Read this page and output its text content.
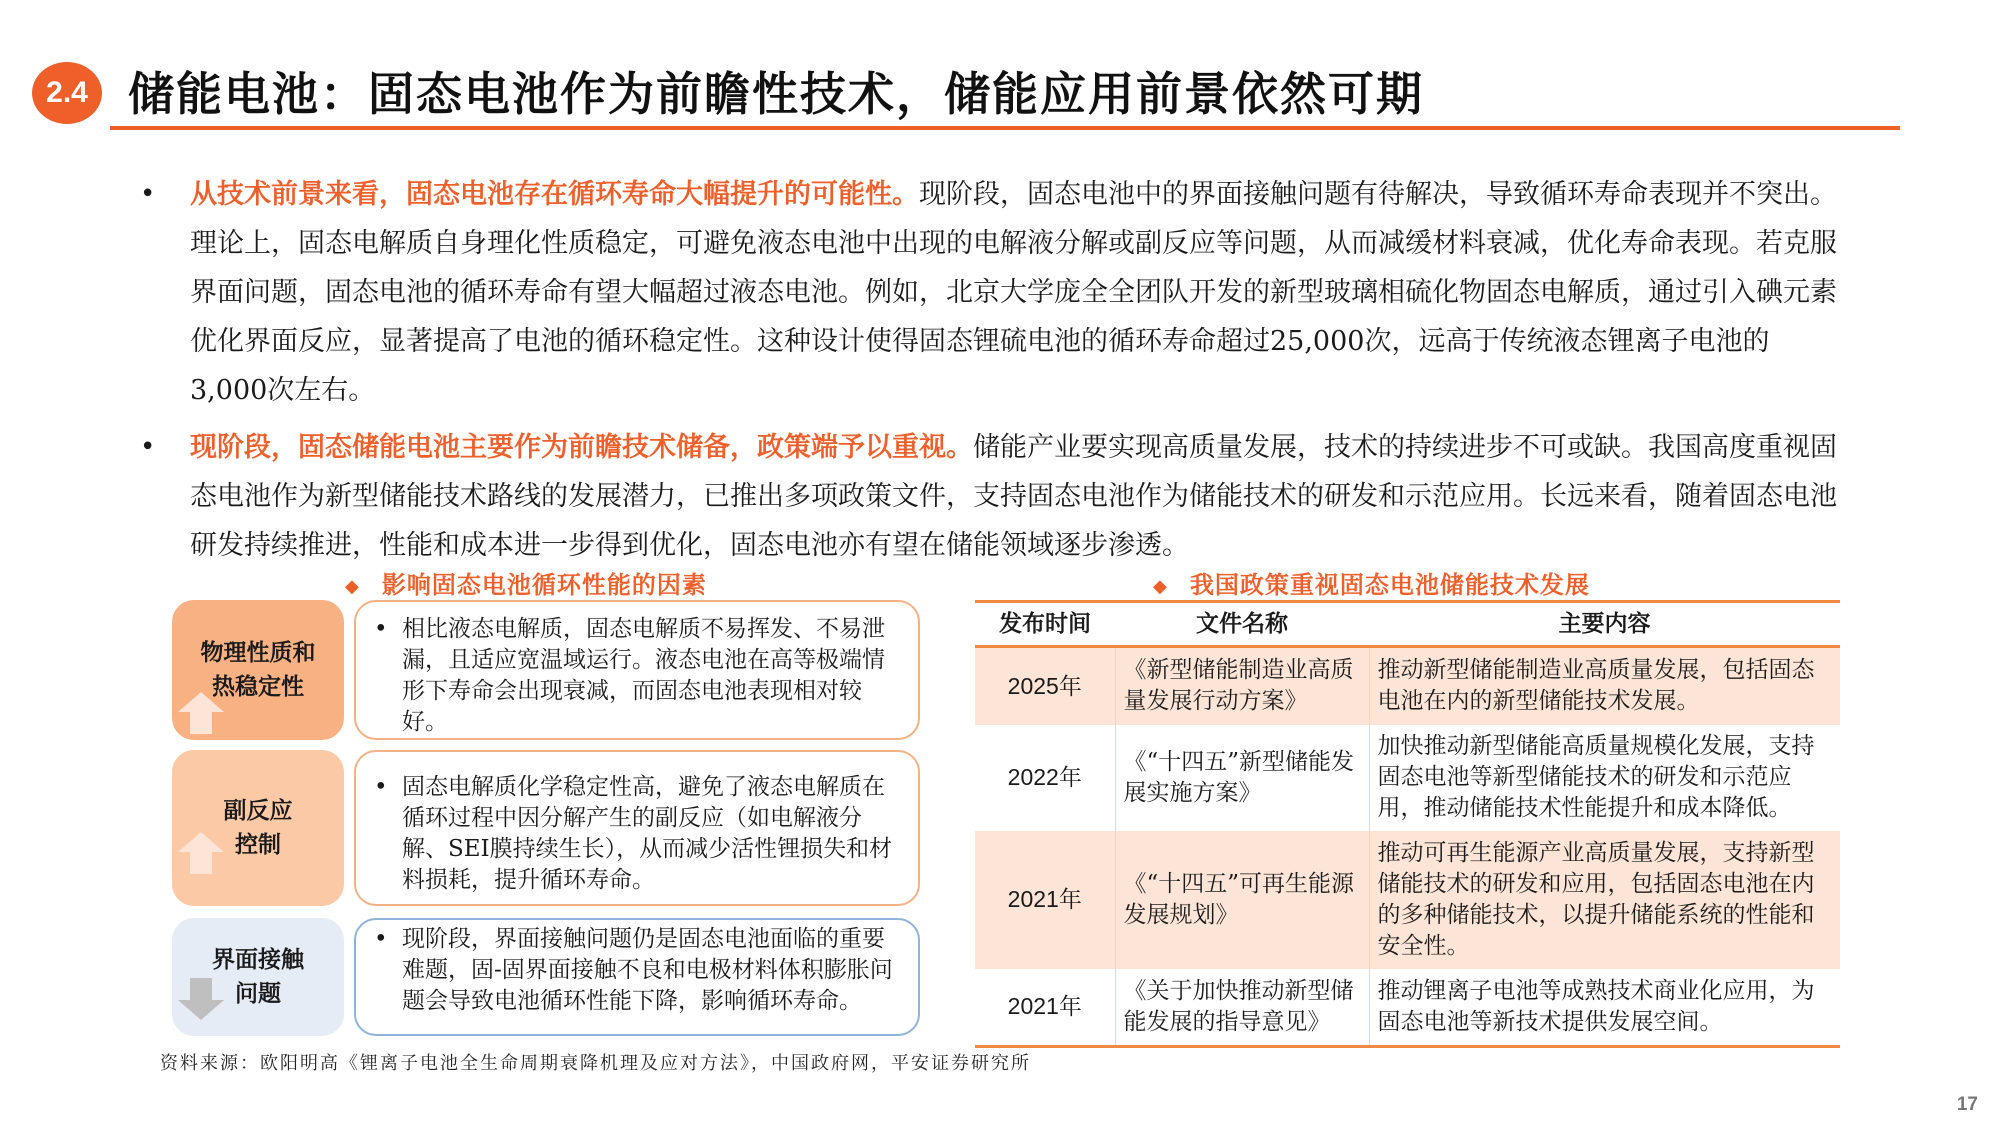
2.4 储能电池：固态电池作为前瞻性技术，储能应用前景依然可期
• 从技术前景来看，固态电池存在循环寿命大幅提升的可能性。现阶段，固态电池中的界面接触问题有待解决，导致循环寿命表现并不突出。理论上，固态电解质自身理化性质稳定，可避免液态电池中出现的电解液分解或副反应等问题，从而减缓材料衰减，优化寿命表现。若克服界面问题，固态电池的循环寿命有望大幅超过液态电池。例如，北京大学庞全全团队开发的新型玻璃相硫化物固态电解质，通过引入碘元素优化界面反应，显著提高了电池的循环稳定性。这种设计使得固态锂硫电池的循环寿命超过25,000次，远高于传统液态锂离子电池的3,000次左右。
• 现阶段，固态储能电池主要作为前瞻技术储备，政策端予以重视。储能产业要实现高质量发展，技术的持续进步不可或缺。我国高度重视固态电池作为新型储能技术路线的发展潜力，已推出多项政策文件，支持固态电池作为储能技术的研发和示范应用。长远来看，随着固态电池研发持续推进，性能和成本进一步得到优化，固态电池亦有望在储能领域逐步渗透。
◆ 影响固态电池循环性能的因素
物理性质和
热稳定性
• 相比液态电解质，固态电解质不易挥发、不易泄漏，且适应宽温域运行。液态电池在高等极端情形下寿命会出现衰减，而固态电池表现相对较好。
副反应
控制
• 固态电解质化学稳定性高，避免了液态电解质在循环过程中因分解产生的副反应（如电解液分解、SEI膜持续生长），从而减少活性锂损失和材料损耗，提升循环寿命。
界面接触
问题
• 现阶段，界面接触问题仍是固态电池面临的重要难题，固-固界面接触不良和电极材料体积膨胀问题会导致电池循环性能下降，影响循环寿命。
◆ 我国政策重视固态电池储能技术发展
发布时间	文件名称	主要内容
2025年	《新型储能制造业高质量发展行动方案》	推动新型储能制造业高质量发展，包括固态电池在内的新型储能技术发展。
2022年	《“十四五”新型储能发展实施方案》	加快推动新型储能高质量规模化发展，支持固态电池等新型储能技术的研发和示范应用，推动储能技术性能提升和成本降低。
2021年	《“十四五”可再生能源发展规划》	推动可再生能源产业高质量发展，支持新型储能技术的研发和应用，包括固态电池在内的多种储能技术，以提升储能系统的性能和安全性。
2021年	《关于加快推动新型储能发展的指导意见》	推动锂离子电池等成熟技术商业化应用，为固态电池等新技术提供发展空间。
资料来源：欧阳明高《锂离子电池全生命周期衰降机理及应对方法》，中国政府网，平安证券研究所
17
